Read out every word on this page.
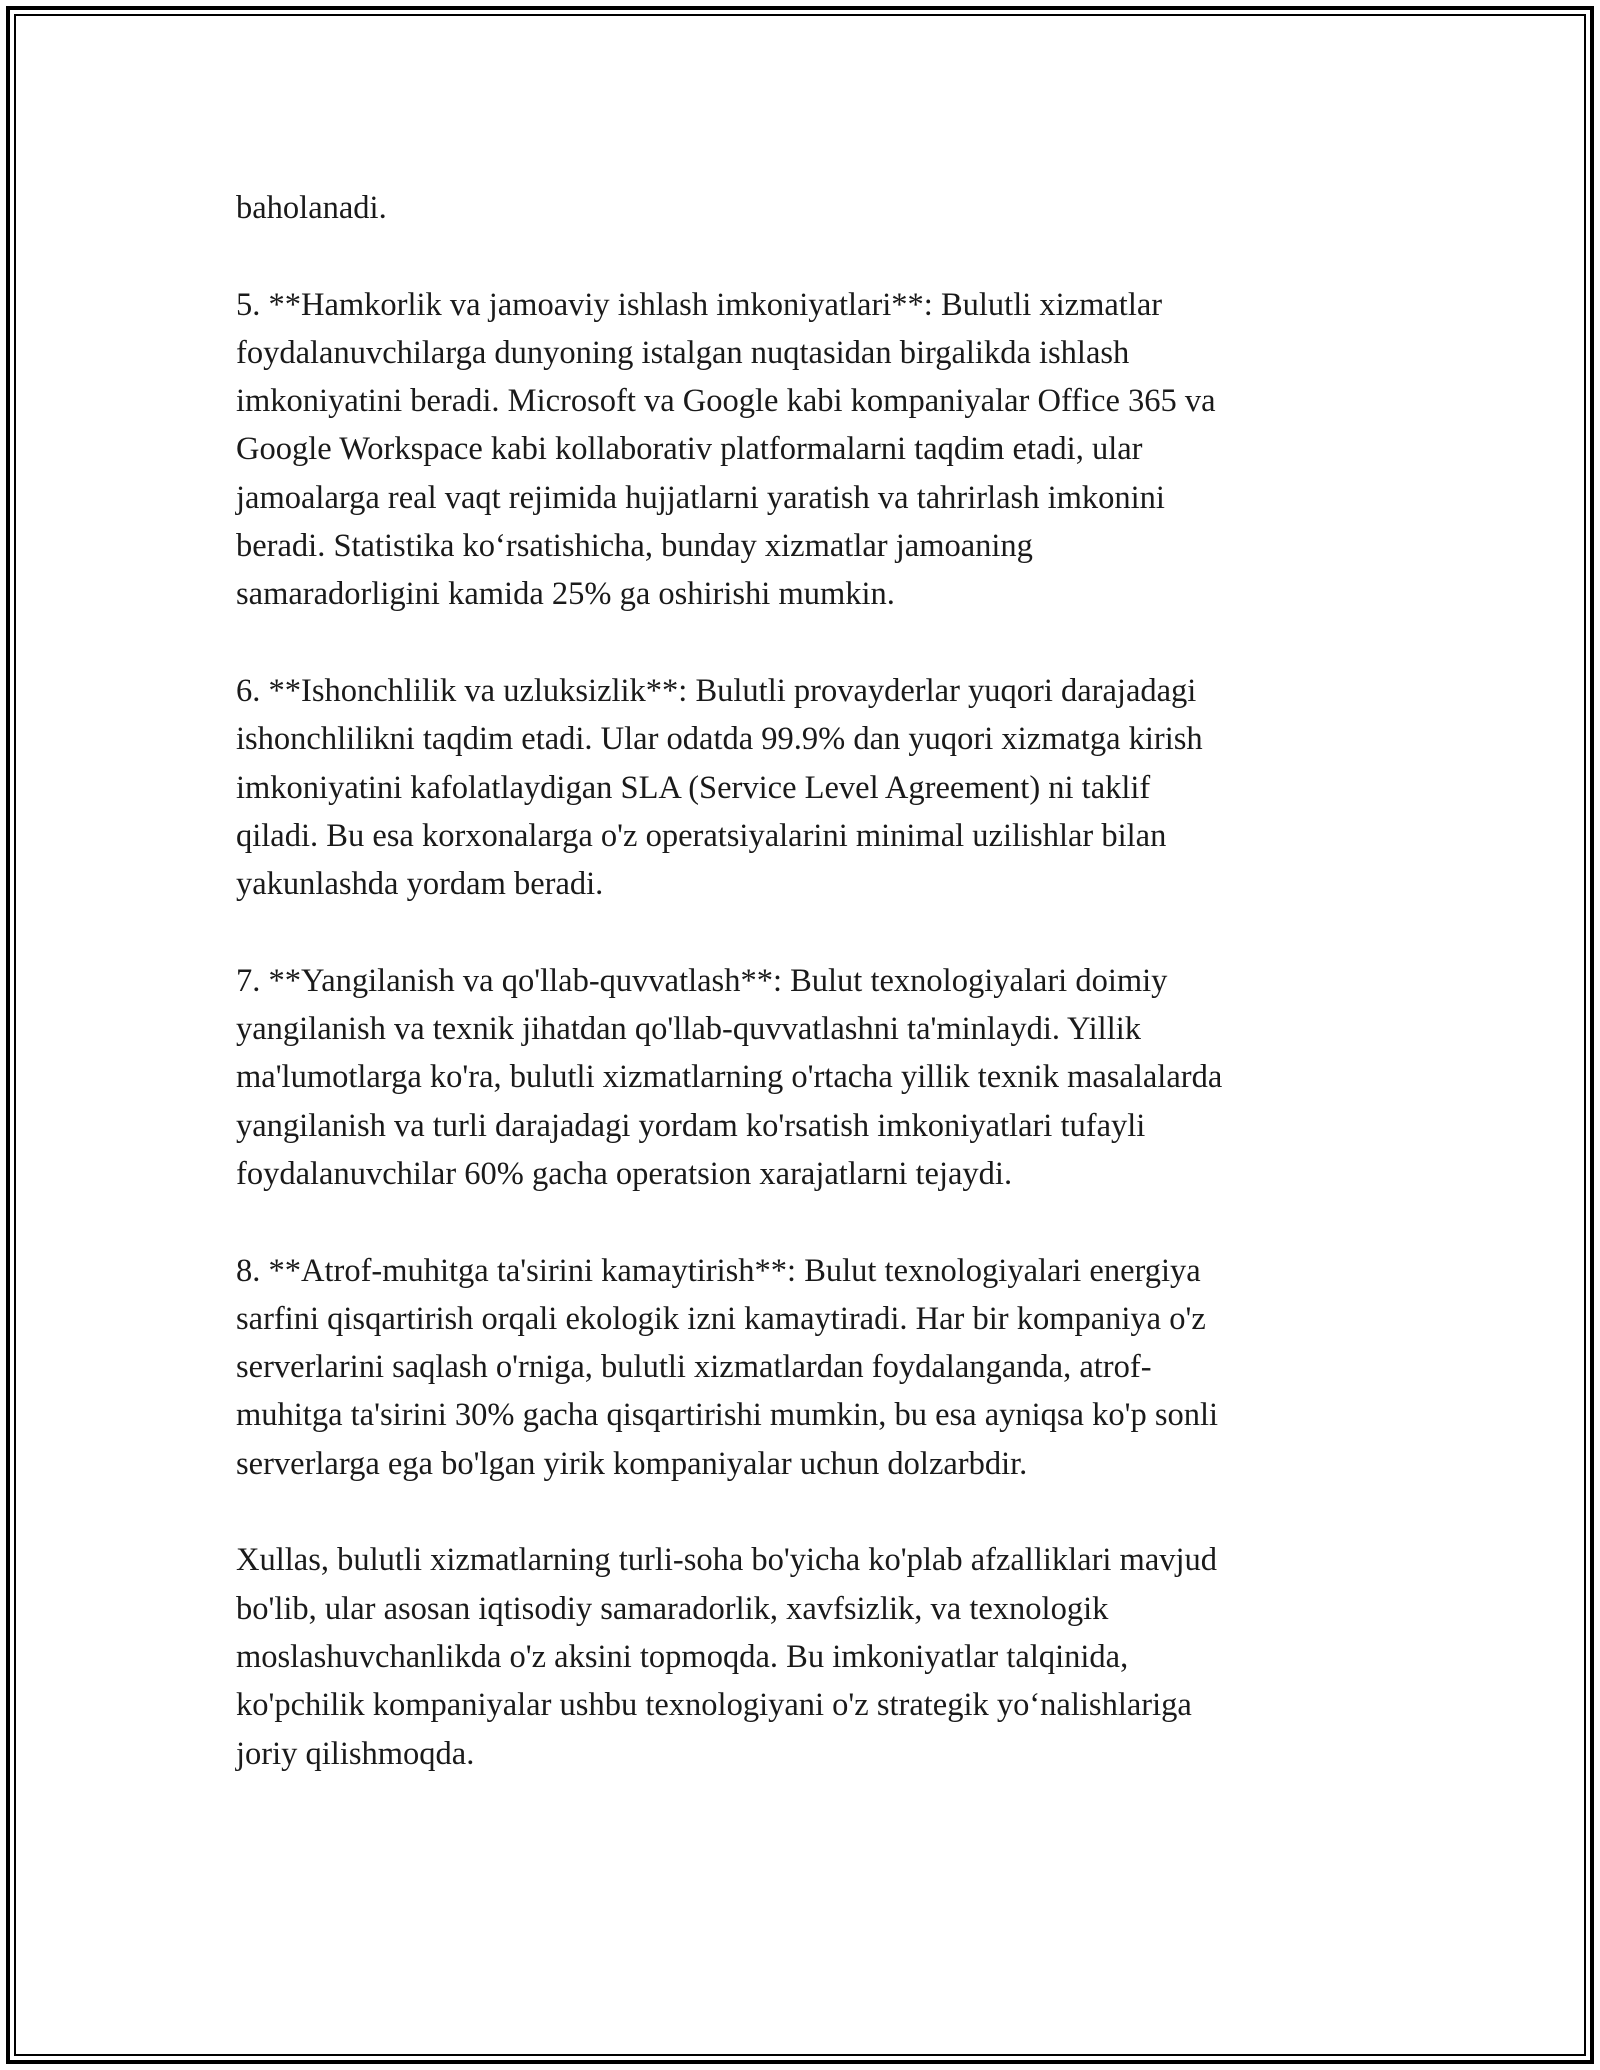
baholanadi.

5. **Hamkorlik va jamoaviy ishlash imkoniyatlari**: Bulutli xizmatlar
foydalanuvchilarga dunyoning istalgan nuqtasidan birgalikda ishlash
imkoniyatini beradi. Microsoft va Google kabi kompaniyalar Office 365 va
Google Workspace kabi kollaborativ platformalarni taqdim etadi, ular
jamoalarga real vaqt rejimida hujjatlarni yaratish va tahrirlash imkonini
beradi. Statistika koʻrsatishicha, bunday xizmatlar jamoaning
samaradorligini kamida 25% ga oshirishi mumkin.

6. **Ishonchlilik va uzluksizlik**: Bulutli provayderlar yuqori darajadagi
ishonchlilikni taqdim etadi. Ular odatda 99.9% dan yuqori xizmatga kirish
imkoniyatini kafolatlaydigan SLA (Service Level Agreement) ni taklif
qiladi. Bu esa korxonalarga o'z operatsiyalarini minimal uzilishlar bilan
yakunlashda yordam beradi.

7. **Yangilanish va qo'llab-quvvatlash**: Bulut texnologiyalari doimiy
yangilanish va texnik jihatdan qo'llab-quvvatlashni ta'minlaydi. Yillik
ma'lumotlarga ko'ra, bulutli xizmatlarning o'rtacha yillik texnik masalalarda
yangilanish va turli darajadagi yordam ko'rsatish imkoniyatlari tufayli
foydalanuvchilar 60% gacha operatsion xarajatlarni tejaydi.

8. **Atrof-muhitga ta'sirini kamaytirish**: Bulut texnologiyalari energiya
sarfini qisqartirish orqali ekologik izni kamaytiradi. Har bir kompaniya o'z
serverlarini saqlash o'rniga, bulutli xizmatlardan foydalanganda, atrof-
muhitga ta'sirini 30% gacha qisqartirishi mumkin, bu esa ayniqsa ko'p sonli
serverlarga ega bo'lgan yirik kompaniyalar uchun dolzarbdir.

Xullas, bulutli xizmatlarning turli-soha bo'yicha ko'plab afzalliklari mavjud
bo'lib, ular asosan iqtisodiy samaradorlik, xavfsizlik, va texnologik
moslashuvchanlikda o'z aksini topmoqda. Bu imkoniyatlar talqinida,
ko'pchilik kompaniyalar ushbu texnologiyani o'z strategik yoʻnalishlariga
joriy qilishmoqda.
